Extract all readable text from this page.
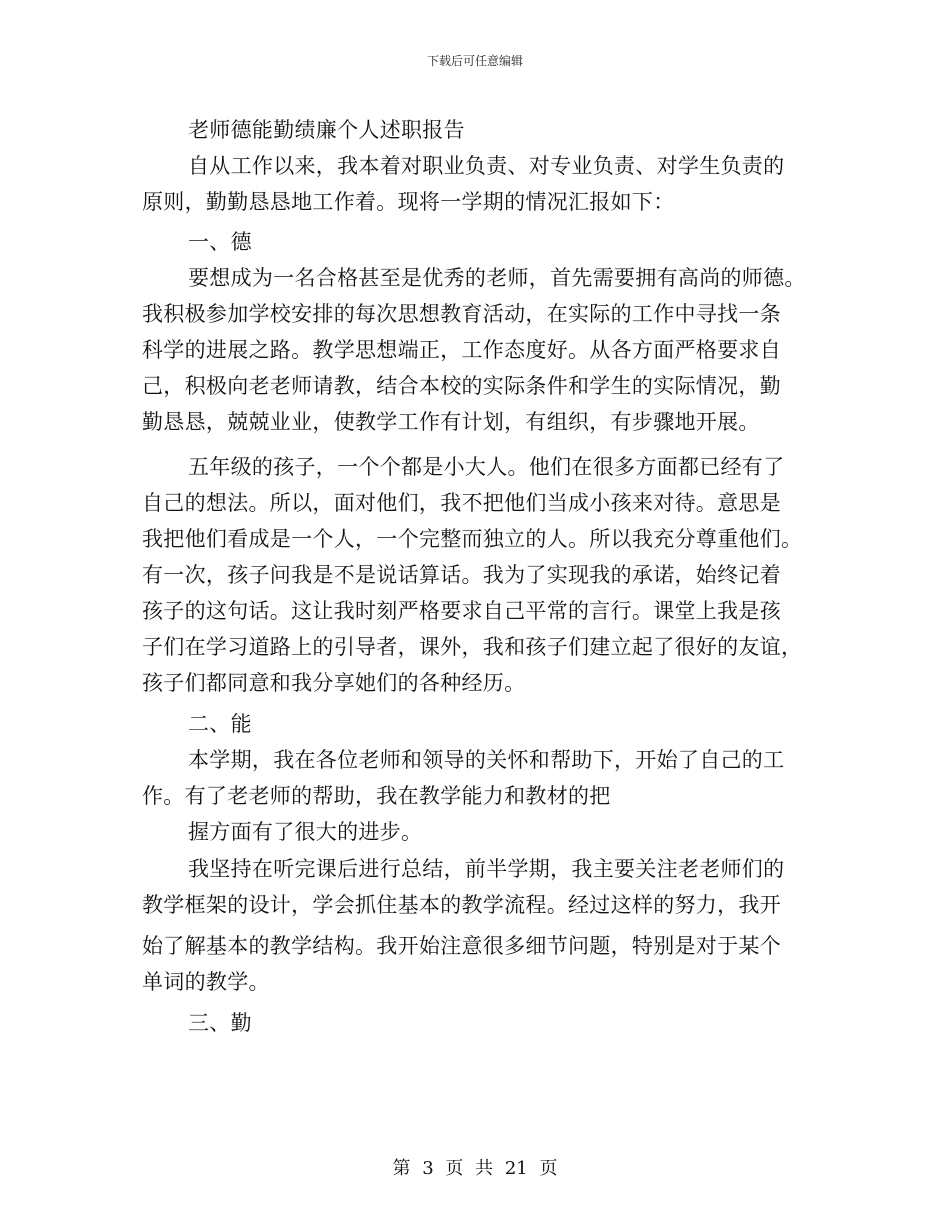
下载后可任意编辑
老师德能勤绩廉个人述职报告
自从工作以来，我本着对职业负责、对专业负责、对学生负责的
原则，勤勤恳恳地工作着。现将一学期的情况汇报如下：
一、德
要想成为一名合格甚至是优秀的老师，首先需要拥有高尚的师德。
我积极参加学校安排的每次思想教育活动，在实际的工作中寻找一条
科学的进展之路。教学思想端正，工作态度好。从各方面严格要求自
己，积极向老老师请教，结合本校的实际条件和学生的实际情况，勤
勤恳恳，兢兢业业，使教学工作有计划，有组织，有步骤地开展。
五年级的孩子，一个个都是小大人。他们在很多方面都已经有了
自己的想法。所以，面对他们，我不把他们当成小孩来对待。意思是
我把他们看成是一个人，一个完整而独立的人。所以我充分尊重他们。
有一次，孩子问我是不是说话算话。我为了实现我的承诺，始终记着
孩子的这句话。这让我时刻严格要求自己平常的言行。课堂上我是孩
子们在学习道路上的引导者，课外，我和孩子们建立起了很好的友谊，
孩子们都同意和我分享她们的各种经历。
二、能
本学期，我在各位老师和领导的关怀和帮助下，开始了自己的工
作。有了老老师的帮助，我在教学能力和教材的把
握方面有了很大的进步。
我坚持在听完课后进行总结，前半学期，我主要关注老老师们的
教学框架的设计，学会抓住基本的教学流程。经过这样的努力，我开
始了解基本的教学结构。我开始注意很多细节问题，特别是对于某个
单词的教学。
三、勤
第 3 页 共 21 页
